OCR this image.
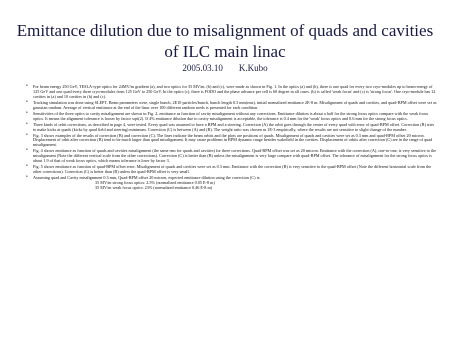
Emittance dilution due to misalignment of quads and cavities
of ILC main linac
2005.03.10 K.Kubo
• For beam energy 250 GeV, TESLA-type optics for 24MV/m gradient (a), and two optics for 35 MV/m, (b) and (c), were made as shown in Fig. 1. In the optics (a) and (b), there is one quad for every two cryo-modules up to beam energy of 125 GeV and one quad every three cryo-modules from 125 GeV to 250 GeV. In the optics (c), there is FODO and the phase advance per cell is 60 degree in all cases. (b) is called 'weak focus' and (c) is 'strong focus'. One cryo-module has 12 cavities in (a) and 10 cavities in (b) and (c).
• Tracking simulation was done using SLEPT. Beam parameters were, single bunch, 2E10 particles/bunch, bunch length 0.3 mm(rms), initial normalized emittance 2E-8 m. Misalignment of quads and cavities, and quad-BPM offset were set as gaussian random. Average of vertical emittance at the end of the linac over 100 different random seeds is presented for each condition.
• Sensitivities of the three optics to cavity misalignment are shown in Fig. 2, emittance as function of cavity misalignment without any corrections. Emittance dilution is about a half for the strong focus optics compare with the weak focus optics. It means the alignment tolerance is looser by factor sqrt(2). If 4% emittance dilution due to cavity misalignment is acceptable, the tolerance is 0.4 mm for the 'weak' focus optics and 0.6 mm for the strong focus optics.
• Three kinds of orbit corrections, as described in page 4, were tested. Every quad was assumed to have a BPM and a steering. Correction (A) the orbit goes through the center of every quad with error of quad-BPM offset. Correction (B) tries to make kicks at quads (kicks by quad field and steering) minimum. Correction (C) is between (A) and (B). The weight ratio was chosen as 1E-3 empirically, where the results are not sensitive to slight change of the number.
• Fig. 3 shows examples of the results of correction (B) and correction (C). The lines indicate the beam orbits and the plots are positions of quads. Misalignment of quads and cavities were set as 0.3 mm and quad-BPM offset 20 micron. Displacement of orbit after correction (B) tend to be much larger than quad misalignment. It may cause problems in BPM dynamic range besides wakefield in the cavities. Displacement of orbits after correction (C) are in the range of quad misalignment.
• Fig. 4 shows emittance as function of quads and cavities misalignment (the same rms for quads and cavities) for three corrections. Quad-BPM offset was set as 20 micron. Emittance with the correction (A), one-to-one, is very sensitive to the misalignment (Note the different vertical scale from the other corrections). Correction (C) is better than (B) unless the misalignment is very large compare with quad-BPM offset. The tolerance of misalignment for the strong focus optics is about 1.9 of that of weak focus optics, which means tolerance is loser by factor 3.
• Fig. 5 shows emittance as function of quad-BPM offset error. Misalignment of quads and cavities were set as 0.3 mm. Emittance with the correction (B) is very sensitive to the quad-BPM offset (Note the different horizontal scale from the other corrections). Correction (C) is better than (B) unless the quad-BPM offset is very small.
• Assuming quad and Cavity misalignment 0.3 mm, Quad-BPM offset 20 micron, expected emittance dilution using the correction (C) is:
35 MV/m strong focus optics: 2.5% (normalized emittance 0.05 E-8 m)
35 MV/m weak focus optics: 23% (normalized emittance 0.46 E-8 m)
